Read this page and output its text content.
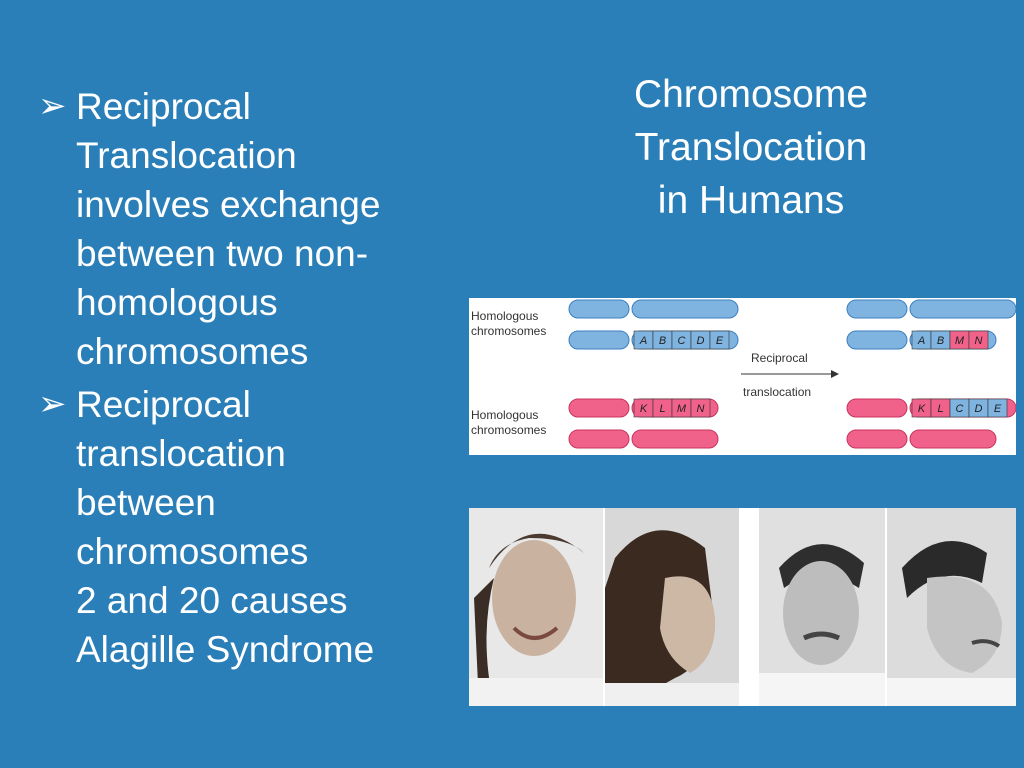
➢ Reciprocal
Translocation
involves exchange
between two non-
homologous
chromosomes

➢ Reciprocal
translocation
between
chromosomes
2 and 20 causes
Alagille Syndrome

Chromosome
Translocation
in Humans
Homologous
chromosomes
Homologous
chromosomes
Reciprocal
translocation
A B C D E
K L M N
A B M N
K L C D E
